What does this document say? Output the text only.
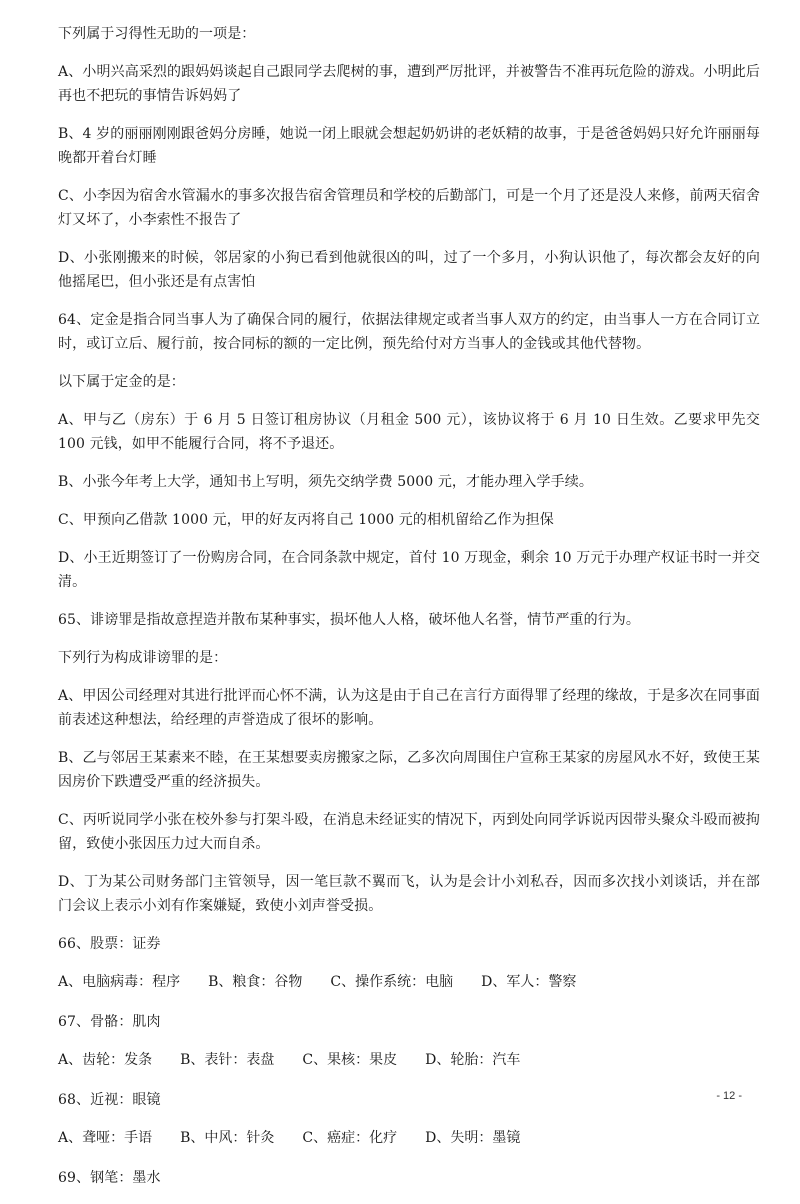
下列属于习得性无助的一项是：

A、小明兴高采烈的跟妈妈谈起自己跟同学去爬树的事，遭到严厉批评，并被警告不准再玩危险的游戏。小明此后再也不把玩的事情告诉妈妈了

B、4 岁的丽丽刚刚跟爸妈分房睡，她说一闭上眼就会想起奶奶讲的老妖精的故事，于是爸爸妈妈只好允许丽丽每晚都开着台灯睡

C、小李因为宿舍水管漏水的事多次报告宿舍管理员和学校的后勤部门，可是一个月了还是没人来修，前两天宿舍灯又坏了，小李索性不报告了

D、小张刚搬来的时候，邻居家的小狗已看到他就很凶的叫，过了一个多月，小狗认识他了，每次都会友好的向他摇尾巴，但小张还是有点害怕

64、定金是指合同当事人为了确保合同的履行，依据法律规定或者当事人双方的约定，由当事人一方在合同订立时，或订立后、履行前，按合同标的额的一定比例，预先给付对方当事人的金钱或其他代替物。

以下属于定金的是：

A、甲与乙（房东）于 6 月 5 日签订租房协议（月租金 500 元），该协议将于 6 月 10 日生效。乙要求甲先交 100 元钱，如甲不能履行合同，将不予退还。

B、小张今年考上大学，通知书上写明，须先交纳学费 5000 元，才能办理入学手续。

C、甲预向乙借款 1000 元，甲的好友丙将自己 1000 元的相机留给乙作为担保

D、小王近期签订了一份购房合同，在合同条款中规定，首付 10 万现金，剩余 10 万元于办理产权证书时一并交清。

65、诽谤罪是指故意捏造并散布某种事实，损坏他人人格，破坏他人名誉，情节严重的行为。

下列行为构成诽谤罪的是：

A、甲因公司经理对其进行批评而心怀不满，认为这是由于自己在言行方面得罪了经理的缘故，于是多次在同事面前表述这种想法，给经理的声誉造成了很坏的影响。

B、乙与邻居王某素来不睦，在王某想要卖房搬家之际，乙多次向周围住户宣称王某家的房屋风水不好，致使王某因房价下跌遭受严重的经济损失。

C、丙听说同学小张在校外参与打架斗殴，在消息未经证实的情况下，丙到处向同学诉说丙因带头聚众斗殴而被拘留，致使小张因压力过大而自杀。

D、丁为某公司财务部门主管领导，因一笔巨款不翼而飞，认为是会计小刘私吞，因而多次找小刘谈话，并在部门会议上表示小刘有作案嫌疑，致使小刘声誉受损。

66、股票：证券

A、电脑病毒：程序 B、粮食：谷物 C、操作系统：电脑 D、军人：警察

67、骨骼：肌肉

A、齿轮：发条 B、表针：表盘 C、果核：果皮 D、轮胎：汽车

68、近视：眼镜

A、聋哑：手语 B、中风：针灸 C、癌症：化疗 D、失明：墨镜

69、钢笔：墨水

- 12 -
